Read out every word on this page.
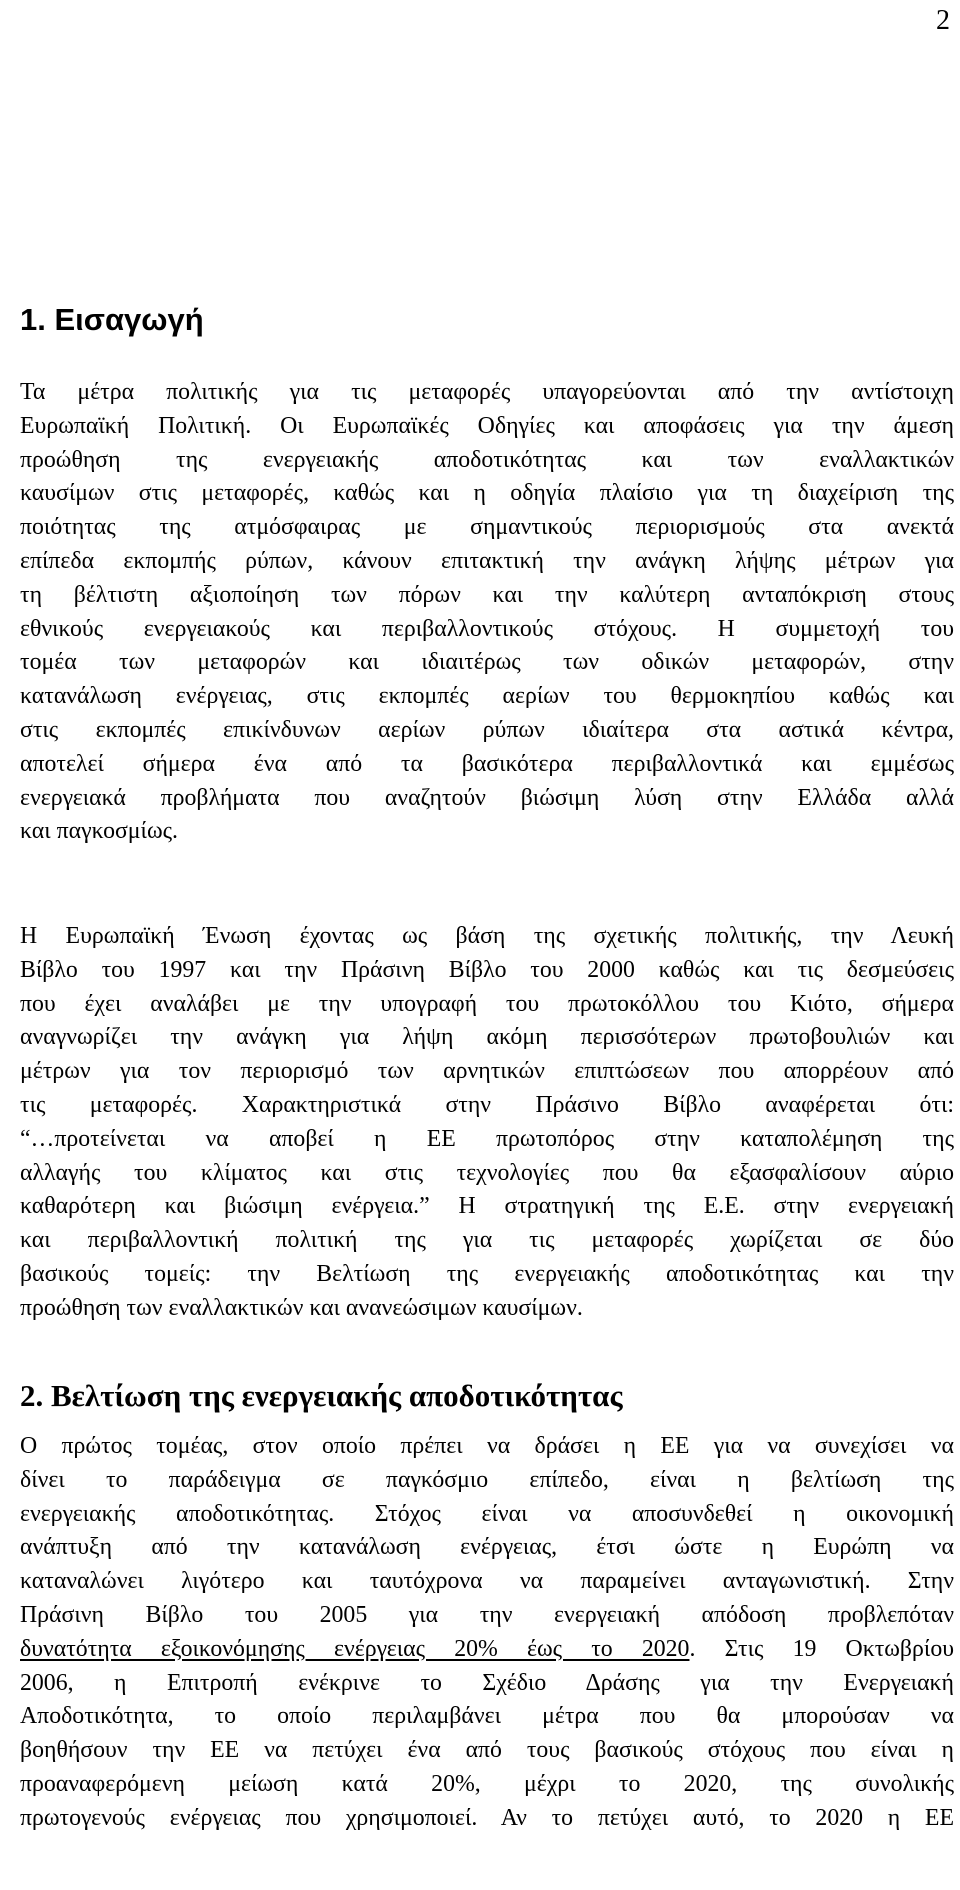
2
1. Εισαγωγή
Τα μέτρα πολιτικής για τις μεταφορές υπαγορεύονται από την αντίστοιχη
Ευρωπαϊκή Πολιτική. Οι Ευρωπαϊκές Οδηγίες και αποφάσεις για την άμεση
προώθηση της ενεργειακής αποδοτικότητας και των εναλλακτικών
καυσίμων στις μεταφορές, καθώς και η οδηγία πλαίσιο για τη διαχείριση της
ποιότητας της ατμόσφαιρας με σημαντικούς περιορισμούς στα ανεκτά
επίπεδα εκπομπής ρύπων, κάνουν επιτακτική την ανάγκη λήψης μέτρων για
τη βέλτιστη αξιοποίηση των πόρων και την καλύτερη ανταπόκριση στους
εθνικούς ενεργειακούς και περιβαλλοντικούς στόχους. Η συμμετοχή του
τομέα των μεταφορών και ιδιαιτέρως των οδικών μεταφορών, στην
κατανάλωση ενέργειας, στις εκπομπές αερίων του θερμοκηπίου καθώς και
στις εκπομπές επικίνδυνων αερίων ρύπων ιδιαίτερα στα αστικά κέντρα,
αποτελεί σήμερα ένα από τα βασικότερα περιβαλλοντικά και εμμέσως
ενεργειακά προβλήματα που αναζητούν βιώσιμη λύση στην Ελλάδα αλλά
και παγκοσμίως.
Η Ευρωπαϊκή Ένωση έχοντας ως βάση της σχετικής πολιτικής, την Λευκή
Βίβλο του 1997 και την Πράσινη Βίβλο του 2000 καθώς και τις δεσμεύσεις
που έχει αναλάβει με την υπογραφή του πρωτοκόλλου του Κιότο, σήμερα
αναγνωρίζει την ανάγκη για λήψη ακόμη περισσότερων πρωτοβουλιών και
μέτρων για τον περιορισμό των αρνητικών επιπτώσεων που απορρέουν από
τις μεταφορές. Χαρακτηριστικά στην Πράσινο Βίβλο αναφέρεται ότι:
“…προτείνεται να αποβεί η ΕΕ πρωτοπόρος στην καταπολέμηση της
αλλαγής του κλίματος και στις τεχνολογίες που θα εξασφαλίσουν αύριο
καθαρότερη και βιώσιμη ενέργεια.” Η στρατηγική της Ε.Ε. στην ενεργειακή
και περιβαλλοντική πολιτική της για τις μεταφορές χωρίζεται σε δύο
βασικούς τομείς: την Βελτίωση της ενεργειακής αποδοτικότητας και την
προώθηση των εναλλακτικών και ανανεώσιμων καυσίμων.
2. Βελτίωση της ενεργειακής αποδοτικότητας
Ο πρώτος τομέας, στον οποίο πρέπει να δράσει η ΕΕ για να συνεχίσει να
δίνει το παράδειγμα σε παγκόσμιο επίπεδο, είναι η βελτίωση της
ενεργειακής αποδοτικότητας. Στόχος είναι να αποσυνδεθεί η οικονομική
ανάπτυξη από την κατανάλωση ενέργειας, έτσι ώστε η Ευρώπη να
καταναλώνει λιγότερο και ταυτόχρονα να παραμείνει ανταγωνιστική. Στην
Πράσινη Βίβλο του 2005 για την ενεργειακή απόδοση προβλεπόταν
δυνατότητα εξοικονόμησης ενέργειας 20% έως το 2020. Στις 19 Οκτωβρίου
2006, η Επιτροπή ενέκρινε το Σχέδιο Δράσης για την Ενεργειακή
Αποδοτικότητα, το οποίο περιλαμβάνει μέτρα που θα μπορούσαν να
βοηθήσουν την ΕΕ να πετύχει ένα από τους βασικούς στόχους που είναι η
προαναφερόμενη μείωση κατά 20%, μέχρι το 2020, της συνολικής
πρωτογενούς ενέργειας που χρησιμοποιεί. Αν το πετύχει αυτό, το 2020 η ΕΕ
